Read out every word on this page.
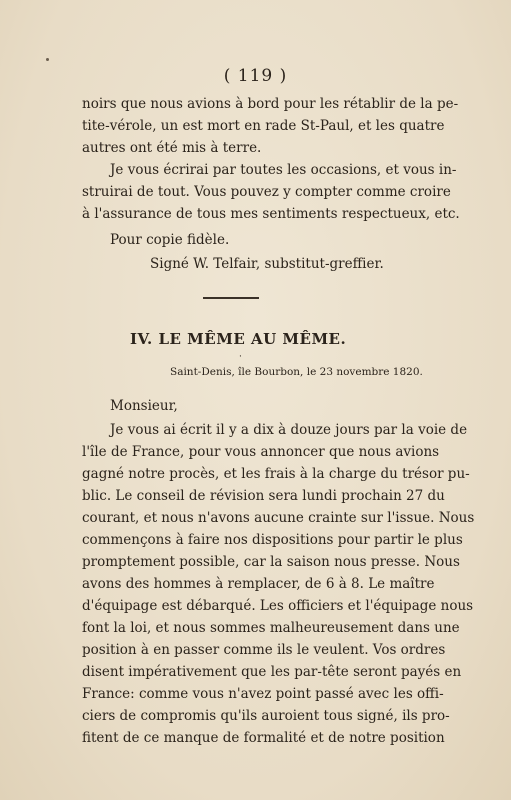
( 119 )
noirs que nous avions à bord pour les rétablir de la pe-
tite-vérole, un est mort en rade St-Paul, et les quatre
autres ont été mis à terre.
Je vous écrirai par toutes les occasions, et vous in-
struirai de tout. Vous pouvez y compter comme croire
à l'assurance de tous mes sentiments respectueux, etc.
Pour copie fidèle.
Signé W. Telfair, substitut-greffier.
IV. LE MÊME AU MÊME.
·
Saint-Denis, île Bourbon, le 23 novembre 1820.
Monsieur,
Je vous ai écrit il y a dix à douze jours par la voie de
l'île de France, pour vous annoncer que nous avions
gagné notre procès, et les frais à la charge du trésor pu-
blic. Le conseil de révision sera lundi prochain 27 du
courant, et nous n'avons aucune crainte sur l'issue. Nous
commençons à faire nos dispositions pour partir le plus
promptement possible, car la saison nous presse. Nous
avons des hommes à remplacer, de 6 à 8. Le maître
d'équipage est débarqué. Les officiers et l'équipage nous
font la loi, et nous sommes malheureusement dans une
position à en passer comme ils le veulent. Vos ordres
disent impérativement que les par-tête seront payés en
France: comme vous n'avez point passé avec les offi-
ciers de compromis qu'ils auroient tous signé, ils pro-
fitent de ce manque de formalité et de notre position
